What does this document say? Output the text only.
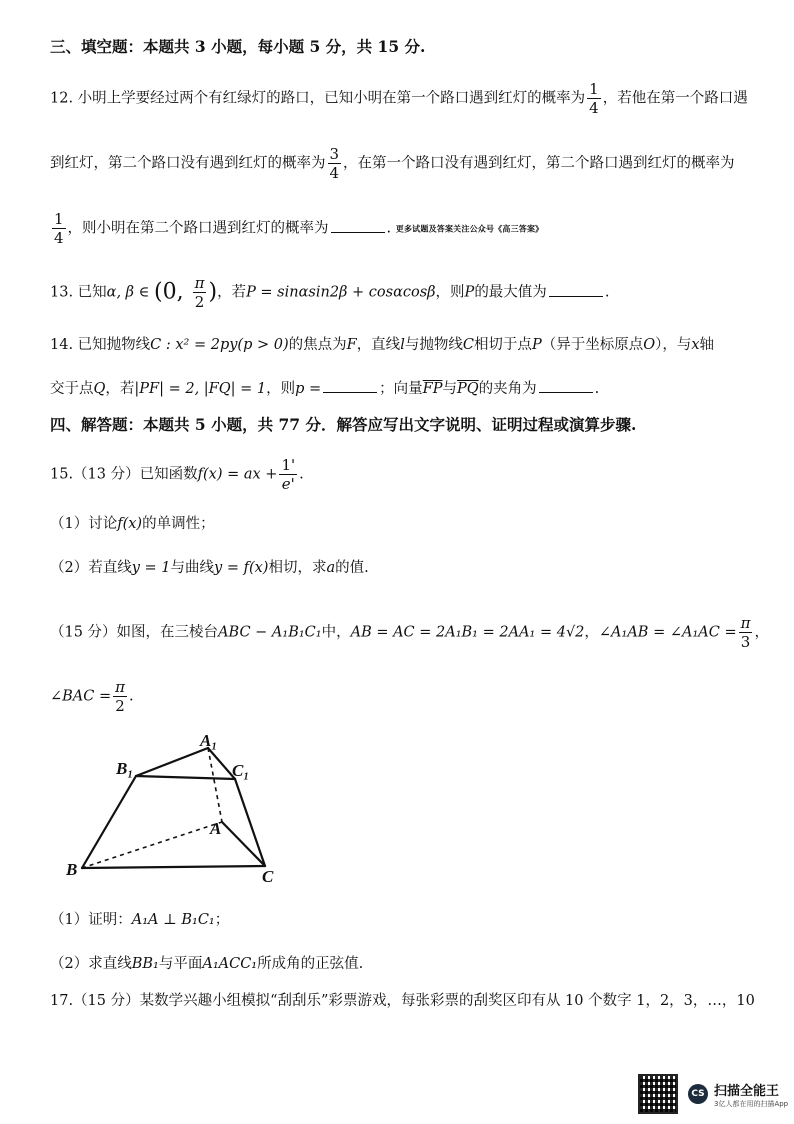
三、填空题：本题共 3 小题，每小题 5 分，共 15 分.
12. 小明上学要经过两个有红绿灯的路口，已知小明在第一个路口遇到红灯的概率为 $\frac{1}{4}$ ，若他在第一个路口遇
到红灯，第二个路口没有遇到红灯的概率为 $\frac{3}{4}$ ，在第一个路口没有遇到红灯，第二个路口遇到红灯的概率为
$\frac{1}{4}$ ，则小明在第二个路口遇到红灯的概率为	. 更多试题及答案关注公众号《高三答案》
13. 已知α, β ∈ (0, $\frac{\pi}{2}$ )，若P = sinαsin2β + cosαcosβ，则P的最大值为	.
14. 已知抛物线C : x² = 2py(p > 0)的焦点为F，直线l与抛物线C相切于点P（异于坐标原点O），与x轴
交于点Q，若|PF| = 2, |FQ| = 1，则p =	；向量$\overline{FP}$与$\overline{PQ}$的夹角为	.
四、解答题：本题共 5 小题，共 77 分．解答应写出文字说明、证明过程或演算步骤.
15.（13 分）已知函数f(x) = ax + $\frac{1'}{e'}$ .
（1）讨论f(x)的单调性；
（2）若直线y = 1与曲线y = f(x)相切，求a的值.
（15 分）如图，在三棱台ABC − A₁B₁C₁中，AB = AC = 2A₁B₁ = 2AA₁ = 4√2，∠A₁AB = ∠A₁AC = $\frac{\pi}{3}$ ，
∠BAC = $\frac{\pi}{2}$ .
A₁
B₁	C₁
A
B	C
（1）证明：A₁A ⊥ B₁C₁；
（2）求直线BB₁与平面A₁ACC₁所成角的正弦值.
17.（15 分）某数学兴趣小组模拟“刮刮乐”彩票游戏，每张彩票的刮奖区印有从 10 个数字 1，2，3，…，10
CS 扫描全能王
3亿人都在用的扫描App
